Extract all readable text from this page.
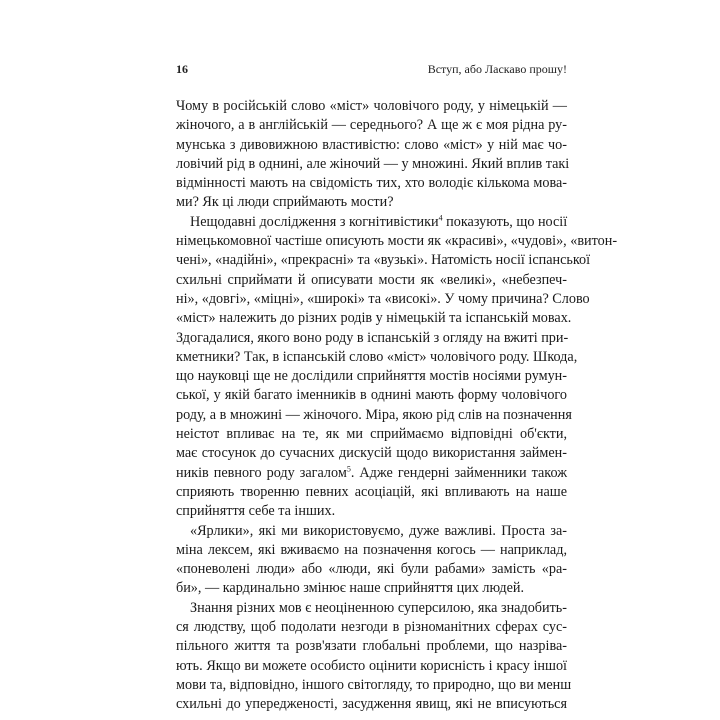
16	Вступ, або Ласкаво прошу!
Чому в російській слово «міст» чоловічого роду, у німецькій —
жіночого, а в англійській — середнього? А ще ж є моя рідна ру-
мунська з дивовижною властивістю: слово «міст» у ній має чо-
ловічий рід в однині, але жіночий — у множині. Який вплив такі
відмінності мають на свідомість тих, хто володіє кількома мова-
ми? Як ці люди сприймають мости?
Нещодавні дослідження з когнітивістики$^4$ показують, що носії
німецькомовної частіше описують мости як «красиві», «чудові», «витон-
чені», «надійні», «прекрасні» та «вузькі». Натомість носії іспанської
схильні сприймати й описувати мости як «великі», «небезпеч-
ні», «довгі», «міцні», «широкі» та «високі». У чому причина? Слово
«міст» належить до різних родів у німецькій та іспанській мовах.
Здогадалися, якого воно роду в іспанській з огляду на вжиті при-
кметники? Так, в іспанській слово «міст» чоловічого роду. Шкода,
що науковці ще не дослідили сприйняття мостів носіями румун-
ської, у якій багато іменників в однині мають форму чоловічого
роду, а в множині — жіночого. Міра, якою рід слів на позначення
неістот впливає на те, як ми сприймаємо відповідні об'єкти,
має стосунок до сучасних дискусій щодо використання займен-
ників певного роду загалом$^5$. Адже гендерні займенники також
сприяють творенню певних асоціацій, які впливають на наше
сприйняття себе та інших.
«Ярлики», які ми використовуємо, дуже важливі. Проста за-
міна лексем, які вживаємо на позначення когось — наприклад,
«поневолені люди» або «люди, які були рабами» замість «ра-
би», — кардинально змінює наше сприйняття цих людей.
Знання різних мов є неоціненною суперсилою, яка знадобить-
ся людству, щоб подолати незгоди в різноманітних сферах сус-
пільного життя та розв'язати глобальні проблеми, що назріва-
ють. Якщо ви можете особисто оцінити корисність і красу іншої
мови та, відповідно, іншого світогляду, то природно, що ви менш
схильні до упередженості, засудження явищ, які не вписуються
